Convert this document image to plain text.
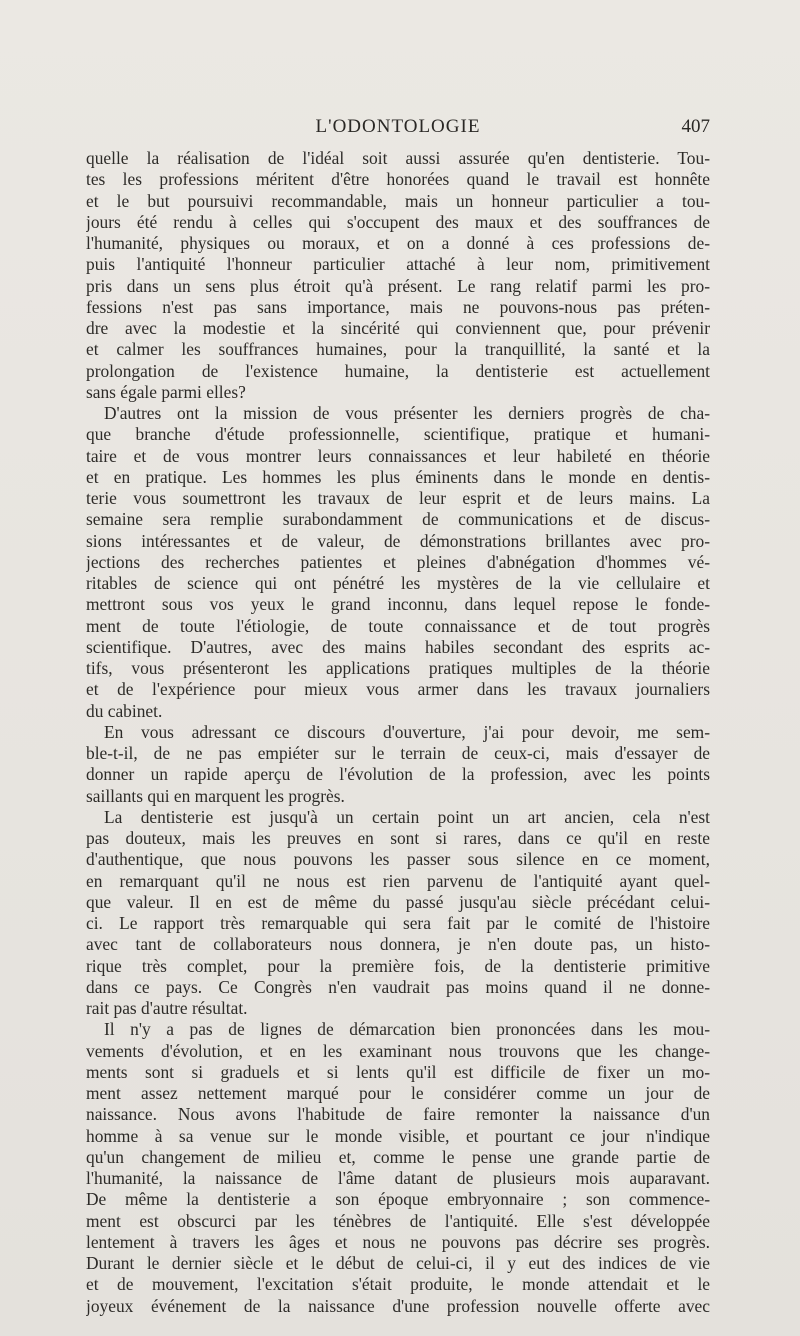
L'ODONTOLOGIE	407
quelle la réalisation de l'idéal soit aussi assurée qu'en dentisterie. Tou-
tes les professions méritent d'être honorées quand le travail est honnête
et le but poursuivi recommandable, mais un honneur particulier a tou-
jours été rendu à celles qui s'occupent des maux et des souffrances de
l'humanité, physiques ou moraux, et on a donné à ces professions de-
puis l'antiquité l'honneur particulier attaché à leur nom, primitivement
pris dans un sens plus étroit qu'à présent. Le rang relatif parmi les pro-
fessions n'est pas sans importance, mais ne pouvons-nous pas préten-
dre avec la modestie et la sincérité qui conviennent que, pour prévenir
et calmer les souffrances humaines, pour la tranquillité, la santé et la
prolongation de l'existence humaine, la dentisterie est actuellement
sans égale parmi elles?
D'autres ont la mission de vous présenter les derniers progrès de cha-
que branche d'étude professionnelle, scientifique, pratique et humani-
taire et de vous montrer leurs connaissances et leur habileté en théorie
et en pratique. Les hommes les plus éminents dans le monde en dentis-
terie vous soumettront les travaux de leur esprit et de leurs mains. La
semaine sera remplie surabondamment de communications et de discus-
sions intéressantes et de valeur, de démonstrations brillantes avec pro-
jections des recherches patientes et pleines d'abnégation d'hommes vé-
ritables de science qui ont pénétré les mystères de la vie cellulaire et
mettront sous vos yeux le grand inconnu, dans lequel repose le fonde-
ment de toute l'étiologie, de toute connaissance et de tout progrès
scientifique. D'autres, avec des mains habiles secondant des esprits ac-
tifs, vous présenteront les applications pratiques multiples de la théorie
et de l'expérience pour mieux vous armer dans les travaux journaliers
du cabinet.
En vous adressant ce discours d'ouverture, j'ai pour devoir, me sem-
ble-t-il, de ne pas empiéter sur le terrain de ceux-ci, mais d'essayer de
donner un rapide aperçu de l'évolution de la profession, avec les points
saillants qui en marquent les progrès.
La dentisterie est jusqu'à un certain point un art ancien, cela n'est
pas douteux, mais les preuves en sont si rares, dans ce qu'il en reste
d'authentique, que nous pouvons les passer sous silence en ce moment,
en remarquant qu'il ne nous est rien parvenu de l'antiquité ayant quel-
que valeur. Il en est de même du passé jusqu'au siècle précédant celui-
ci. Le rapport très remarquable qui sera fait par le comité de l'histoire
avec tant de collaborateurs nous donnera, je n'en doute pas, un histo-
rique très complet, pour la première fois, de la dentisterie primitive
dans ce pays. Ce Congrès n'en vaudrait pas moins quand il ne donne-
rait pas d'autre résultat.
Il n'y a pas de lignes de démarcation bien prononcées dans les mou-
vements d'évolution, et en les examinant nous trouvons que les change-
ments sont si graduels et si lents qu'il est difficile de fixer un mo-
ment assez nettement marqué pour le considérer comme un jour de
naissance. Nous avons l'habitude de faire remonter la naissance d'un
homme à sa venue sur le monde visible, et pourtant ce jour n'indique
qu'un changement de milieu et, comme le pense une grande partie de
l'humanité, la naissance de l'âme datant de plusieurs mois auparavant.
De même la dentisterie a son époque embryonnaire ; son commence-
ment est obscurci par les ténèbres de l'antiquité. Elle s'est développée
lentement à travers les âges et nous ne pouvons pas décrire ses progrès.
Durant le dernier siècle et le début de celui-ci, il y eut des indices de vie
et de mouvement, l'excitation s'était produite, le monde attendait et le
joyeux événement de la naissance d'une profession nouvelle offerte avec
